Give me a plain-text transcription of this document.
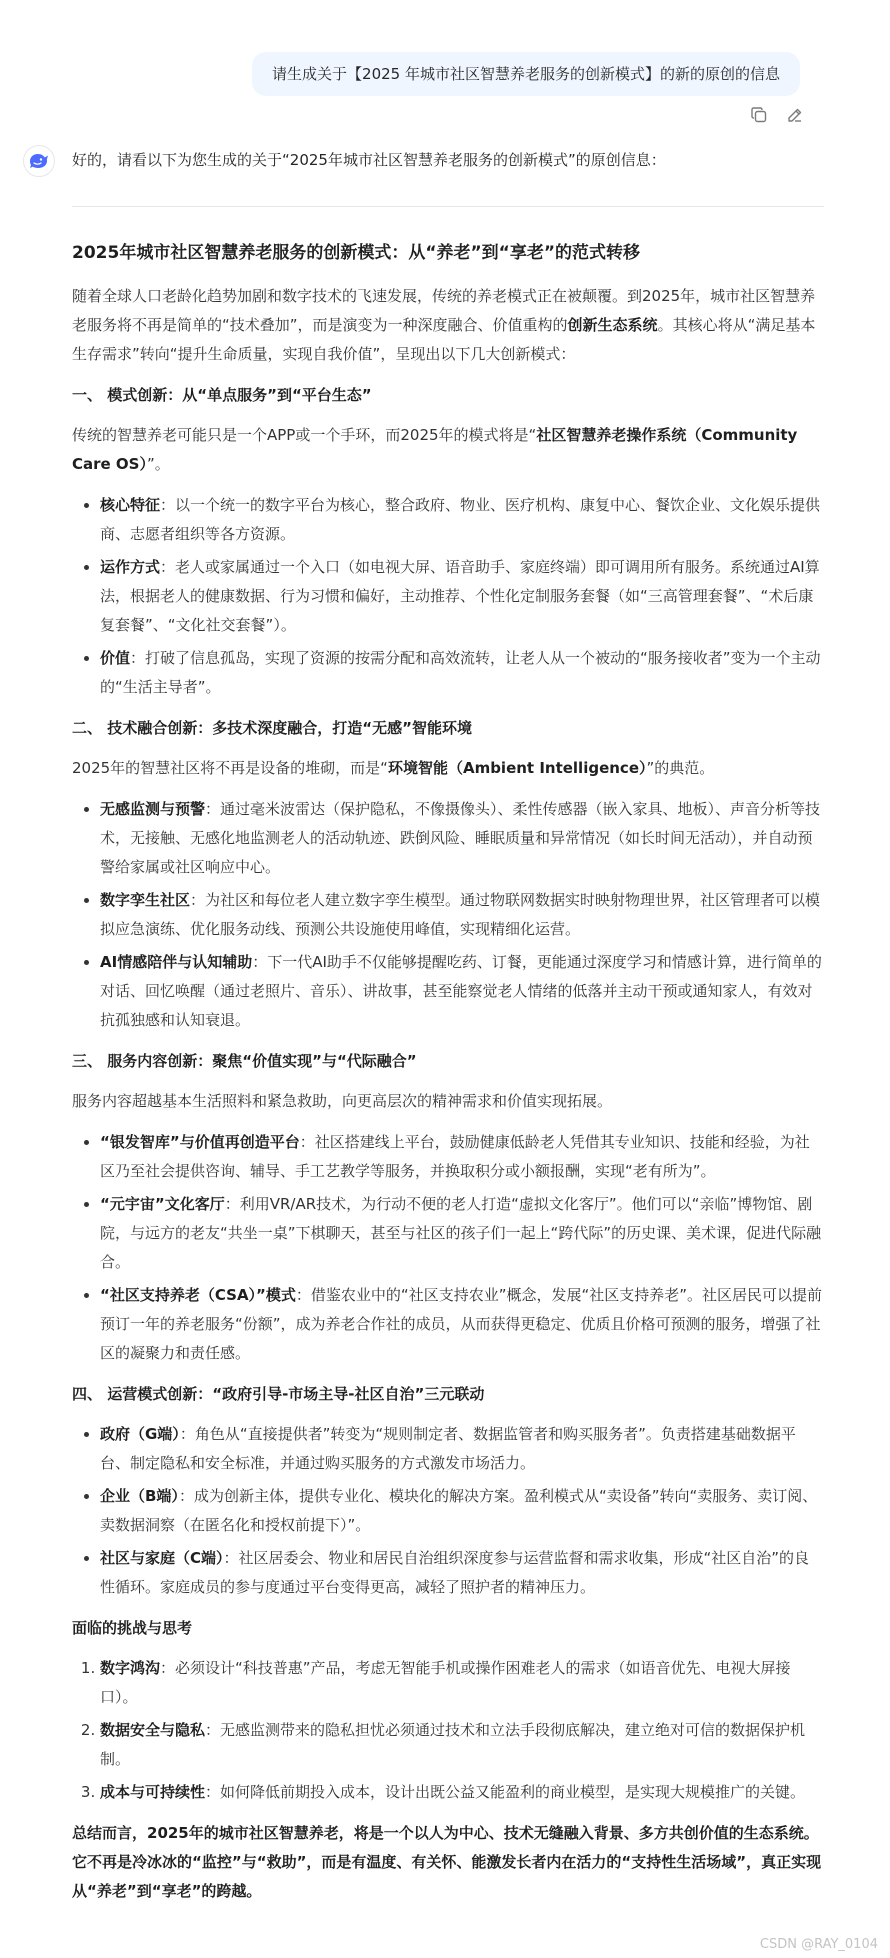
请生成关于【2025 年城市社区智慧养老服务的创新模式】的新的原创的信息
好的，请看以下为您生成的关于“2025年城市社区智慧养老服务的创新模式”的原创信息：
2025年城市社区智慧养老服务的创新模式：从“养老”到“享老”的范式转移

随着全球人口老龄化趋势加剧和数字技术的飞速发展，传统的养老模式正在被颠覆。到2025年，城市社区智慧养老服务将不再是简单的“技术叠加”，而是演变为一种深度融合、价值重构的创新生态系统。其核心将从“满足基本生存需求”转向“提升生命质量，实现自我价值”，呈现出以下几大创新模式：

一、 模式创新：从“单点服务”到“平台生态”

传统的智慧养老可能只是一个APP或一个手环，而2025年的模式将是“社区智慧养老操作系统（Community Care OS）”。

• 核心特征：以一个统一的数字平台为核心，整合政府、物业、医疗机构、康复中心、餐饮企业、文化娱乐提供商、志愿者组织等各方资源。
• 运作方式：老人或家属通过一个入口（如电视大屏、语音助手、家庭终端）即可调用所有服务。系统通过AI算法，根据老人的健康数据、行为习惯和偏好，主动推荐、个性化定制服务套餐（如“三高管理套餐”、“术后康复套餐”、“文化社交套餐”）。
• 价值：打破了信息孤岛，实现了资源的按需分配和高效流转，让老人从一个被动的“服务接收者”变为一个主动的“生活主导者”。
二、 技术融合创新：多技术深度融合，打造“无感”智能环境

2025年的智慧社区将不再是设备的堆砌，而是“环境智能（Ambient Intelligence）”的典范。

• 无感监测与预警：通过毫米波雷达（保护隐私，不像摄像头）、柔性传感器（嵌入家具、地板）、声音分析等技术，无接触、无感化地监测老人的活动轨迹、跌倒风险、睡眠质量和异常情况（如长时间无活动），并自动预警给家属或社区响应中心。
• 数字孪生社区：为社区和每位老人建立数字孪生模型。通过物联网数据实时映射物理世界，社区管理者可以模拟应急演练、优化服务动线、预测公共设施使用峰值，实现精细化运营。
• AI情感陪伴与认知辅助：下一代AI助手不仅能够提醒吃药、订餐，更能通过深度学习和情感计算，进行简单的对话、回忆唤醒（通过老照片、音乐）、讲故事，甚至能察觉老人情绪的低落并主动干预或通知家人，有效对抗孤独感和认知衰退。
三、 服务内容创新：聚焦“价值实现”与“代际融合”

服务内容超越基本生活照料和紧急救助，向更高层次的精神需求和价值实现拓展。

• “银发智库”与价值再创造平台：社区搭建线上平台，鼓励健康低龄老人凭借其专业知识、技能和经验，为社区乃至社会提供咨询、辅导、手工艺教学等服务，并换取积分或小额报酬，实现“老有所为”。
• “元宇宙”文化客厅：利用VR/AR技术，为行动不便的老人打造“虚拟文化客厅”。他们可以“亲临”博物馆、剧院，与远方的老友“共坐一桌”下棋聊天，甚至与社区的孩子们一起上“跨代际”的历史课、美术课，促进代际融合。
• “社区支持养老（CSA）”模式：借鉴农业中的“社区支持农业”概念，发展“社区支持养老”。社区居民可以提前预订一年的养老服务“份额”，成为养老合作社的成员，从而获得更稳定、优质且价格可预测的服务，增强了社区的凝聚力和责任感。
四、 运营模式创新：“政府引导-市场主导-社区自治”三元联动
• 政府（G端）：角色从“直接提供者”转变为“规则制定者、数据监管者和购买服务者”。负责搭建基础数据平台、制定隐私和安全标准，并通过购买服务的方式激发市场活力。
• 企业（B端）：成为创新主体，提供专业化、模块化的解决方案。盈利模式从“卖设备”转向“卖服务、卖订阅、卖数据洞察（在匿名化和授权前提下）”。
• 社区与家庭（C端）：社区居委会、物业和居民自治组织深度参与运营监督和需求收集，形成“社区自治”的良性循环。家庭成员的参与度通过平台变得更高，减轻了照护者的精神压力。
面临的挑战与思考
1. 数字鸿沟：必须设计“科技普惠”产品，考虑无智能手机或操作困难老人的需求（如语音优先、电视大屏接口）。
2. 数据安全与隐私：无感监测带来的隐私担忧必须通过技术和立法手段彻底解决，建立绝对可信的数据保护机制。
3. 成本与可持续性：如何降低前期投入成本，设计出既公益又能盈利的商业模型，是实现大规模推广的关键。

总结而言，2025年的城市社区智慧养老，将是一个以人为中心、技术无缝融入背景、多方共创价值的生态系统。它不再是冷冰冰的“监控”与“救助”，而是有温度、有关怀、能激发长者内在活力的“支持性生活场域”，真正实现从“养老”到“享老”的跨越。

CSDN @RAY_0104
